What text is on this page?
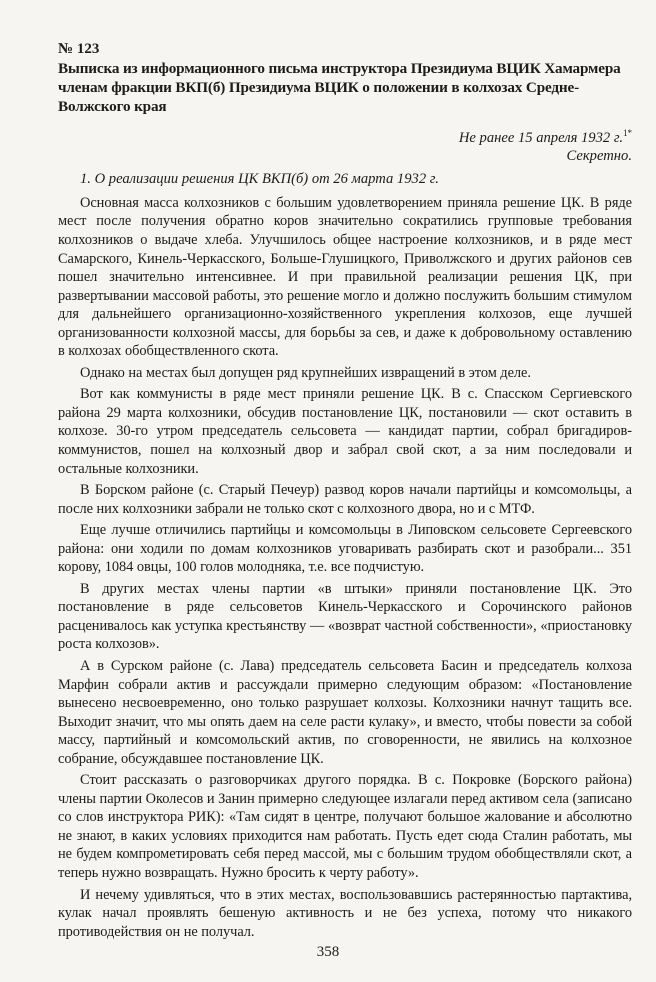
№ 123
Выписка из информационного письма инструктора Президиума ВЦИК Хамармера членам фракции ВКП(б) Президиума ВЦИК о положении в колхозах Средне-Волжского края
Не ранее 15 апреля 1932 г.$^{1*}$
Секретно.
1. О реализации решения ЦК ВКП(б) от 26 марта 1932 г.

Основная масса колхозников с большим удовлетворением приняла решение ЦК. В ряде мест после получения обратно коров значительно сократились групповые требования колхозников о выдаче хлеба. Улучшилось общее настроение колхозников, и в ряде мест Самарского, Кинель-Черкасского, Больше-Глушицкого, Приволжского и других районов сев пошел значительно интенсивнее. И при правильной реализации решения ЦК, при развертывании массовой работы, это решение могло и должно послужить большим стимулом для дальнейшего организационно-хозяйственного укрепления колхозов, еще лучшей организованности колхозной массы, для борьбы за сев, и даже к добровольному оставлению в колхозах обобществленного скота.

Однако на местах был допущен ряд крупнейших извращений в этом деле.

Вот как коммунисты в ряде мест приняли решение ЦК. В с. Спасском Сергиевского района 29 марта колхозники, обсудив постановление ЦК, постановили — скот оставить в колхозе. 30-го утром председатель сельсовета — кандидат партии, собрал бригадиров-коммунистов, пошел на колхозный двор и забрал свой скот, а за ним последовали и остальные колхозники.

В Борском районе (с. Старый Печеур) развод коров начали партийцы и комсомольцы, а после них колхозники забрали не только скот с колхозного двора, но и с МТФ.

Еще лучше отличились партийцы и комсомольцы в Липовском сельсовете Сергеевского района: они ходили по домам колхозников уговаривать разбирать скот и разобрали... 351 корову, 1084 овцы, 100 голов молодняка, т.е. все подчистую.

В других местах члены партии «в штыки» приняли постановление ЦК. Это постановление в ряде сельсоветов Кинель-Черкасского и Сорочинского районов расценивалось как уступка крестьянству — «возврат частной собственности», «приостановку роста колхозов».

А в Сурском районе (с. Лава) председатель сельсовета Басин и председатель колхоза Марфин собрали актив и рассуждали примерно следующим образом: «Постановление вынесено несвоевременно, оно только разрушает колхозы. Колхозники начнут тащить все. Выходит значит, что мы опять даем на селе расти кулаку», и вместо, чтобы повести за собой массу, партийный и комсомольский актив, по сговоренности, не явились на колхозное собрание, обсуждавшее постановление ЦК.

Стоит рассказать о разговорчиках другого порядка. В с. Покровке (Борского района) члены партии Околесов и Занин примерно следующее излагали перед активом села (записано со слов инструктора РИК): «Там сидят в центре, получают большое жалование и абсолютно не знают, в каких условиях приходится нам работать. Пусть едет сюда Сталин работать, мы не будем компрометировать себя перед массой, мы с большим трудом обобществляли скот, а теперь нужно возвращать. Нужно бросить к черту работу».

И нечему удивляться, что в этих местах, воспользовавшись растерянностью партактива, кулак начал проявлять бешеную активность и не без успеха, потому что никакого противодействия он не получал.

358
